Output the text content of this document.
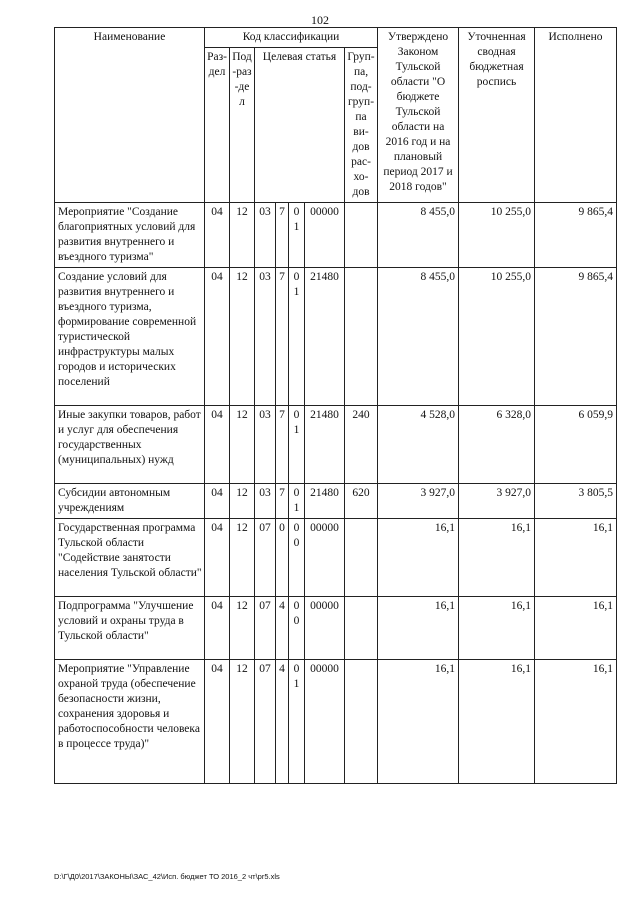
102
Наименование	Код классификации							Утверждено Законом Тульской области "О бюджете Тульской области на 2016 год и на плановый период 2017 и 2018 годов"	Уточненная сводная бюджетная роспись	Исполнено
	Раз-дел	Под-раз-дел	Целевая статья				Груп-па, под-груп-па ви-дов рас-хо-дов			
Мероприятие "Создание благоприятных условий для развития внутреннего и въездного туризма"	04	12	03	7	01	00000		8 455,0	10 255,0	9 865,4
Создание условий для развития внутреннего и въездного туризма, формирование современной туристической инфраструктуры малых городов и исторических поселений	04	12	03	7	01	21480		8 455,0	10 255,0	9 865,4
Иные закупки товаров, работ и услуг для обеспечения государственных (муниципальных) нужд	04	12	03	7	01	21480	240	4 528,0	6 328,0	6 059,9
Субсидии автономным учреждениям	04	12	03	7	01	21480	620	3 927,0	3 927,0	3 805,5
Государственная программа Тульской области "Содействие занятости населения Тульской области"	04	12	07	0	00	00000		16,1	16,1	16,1
Подпрограмма "Улучшение условий и охраны труда в Тульской области"	04	12	07	4	00	00000		16,1	16,1	16,1
Мероприятие "Управление охраной труда (обеспечение безопасности жизни, сохранения здоровья и работоспособности человека в процессе труда)"	04	12	07	4	01	00000		16,1	16,1	16,1
D:\Г\Д0\2017\ЗАКОНЫ\ЗАС_42\Исп. бюджет ТО 2016_2 чт\pr5.xls
